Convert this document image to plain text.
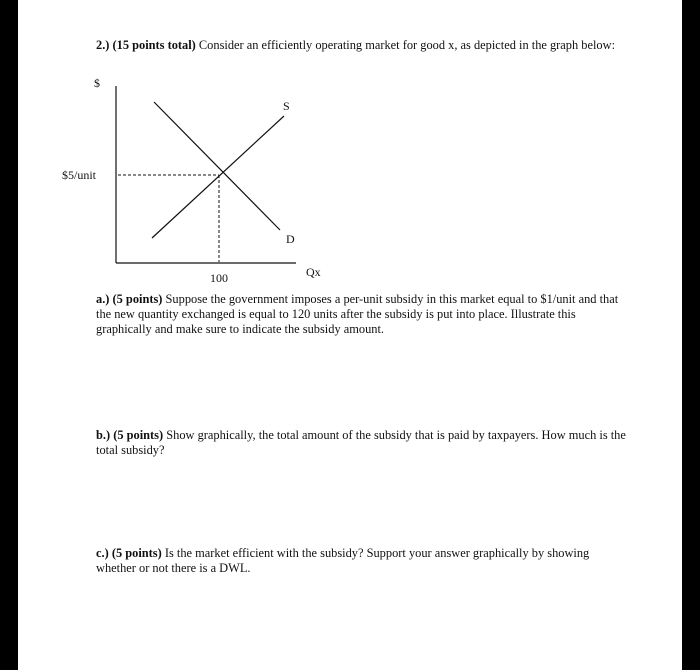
2.) (15 points total) Consider an efficiently operating market for good x, as depicted in the graph below:
$
$5/unit
S
D
100	Qx
a.) (5 points) Suppose the government imposes a per-unit subsidy in this market equal to $1/unit and that the new quantity exchanged is equal to 120 units after the subsidy is put into place. Illustrate this graphically and make sure to indicate the subsidy amount.
b.) (5 points) Show graphically, the total amount of the subsidy that is paid by taxpayers. How much is the total subsidy?
c.) (5 points) Is the market efficient with the subsidy? Support your answer graphically by showing whether or not there is a DWL.
